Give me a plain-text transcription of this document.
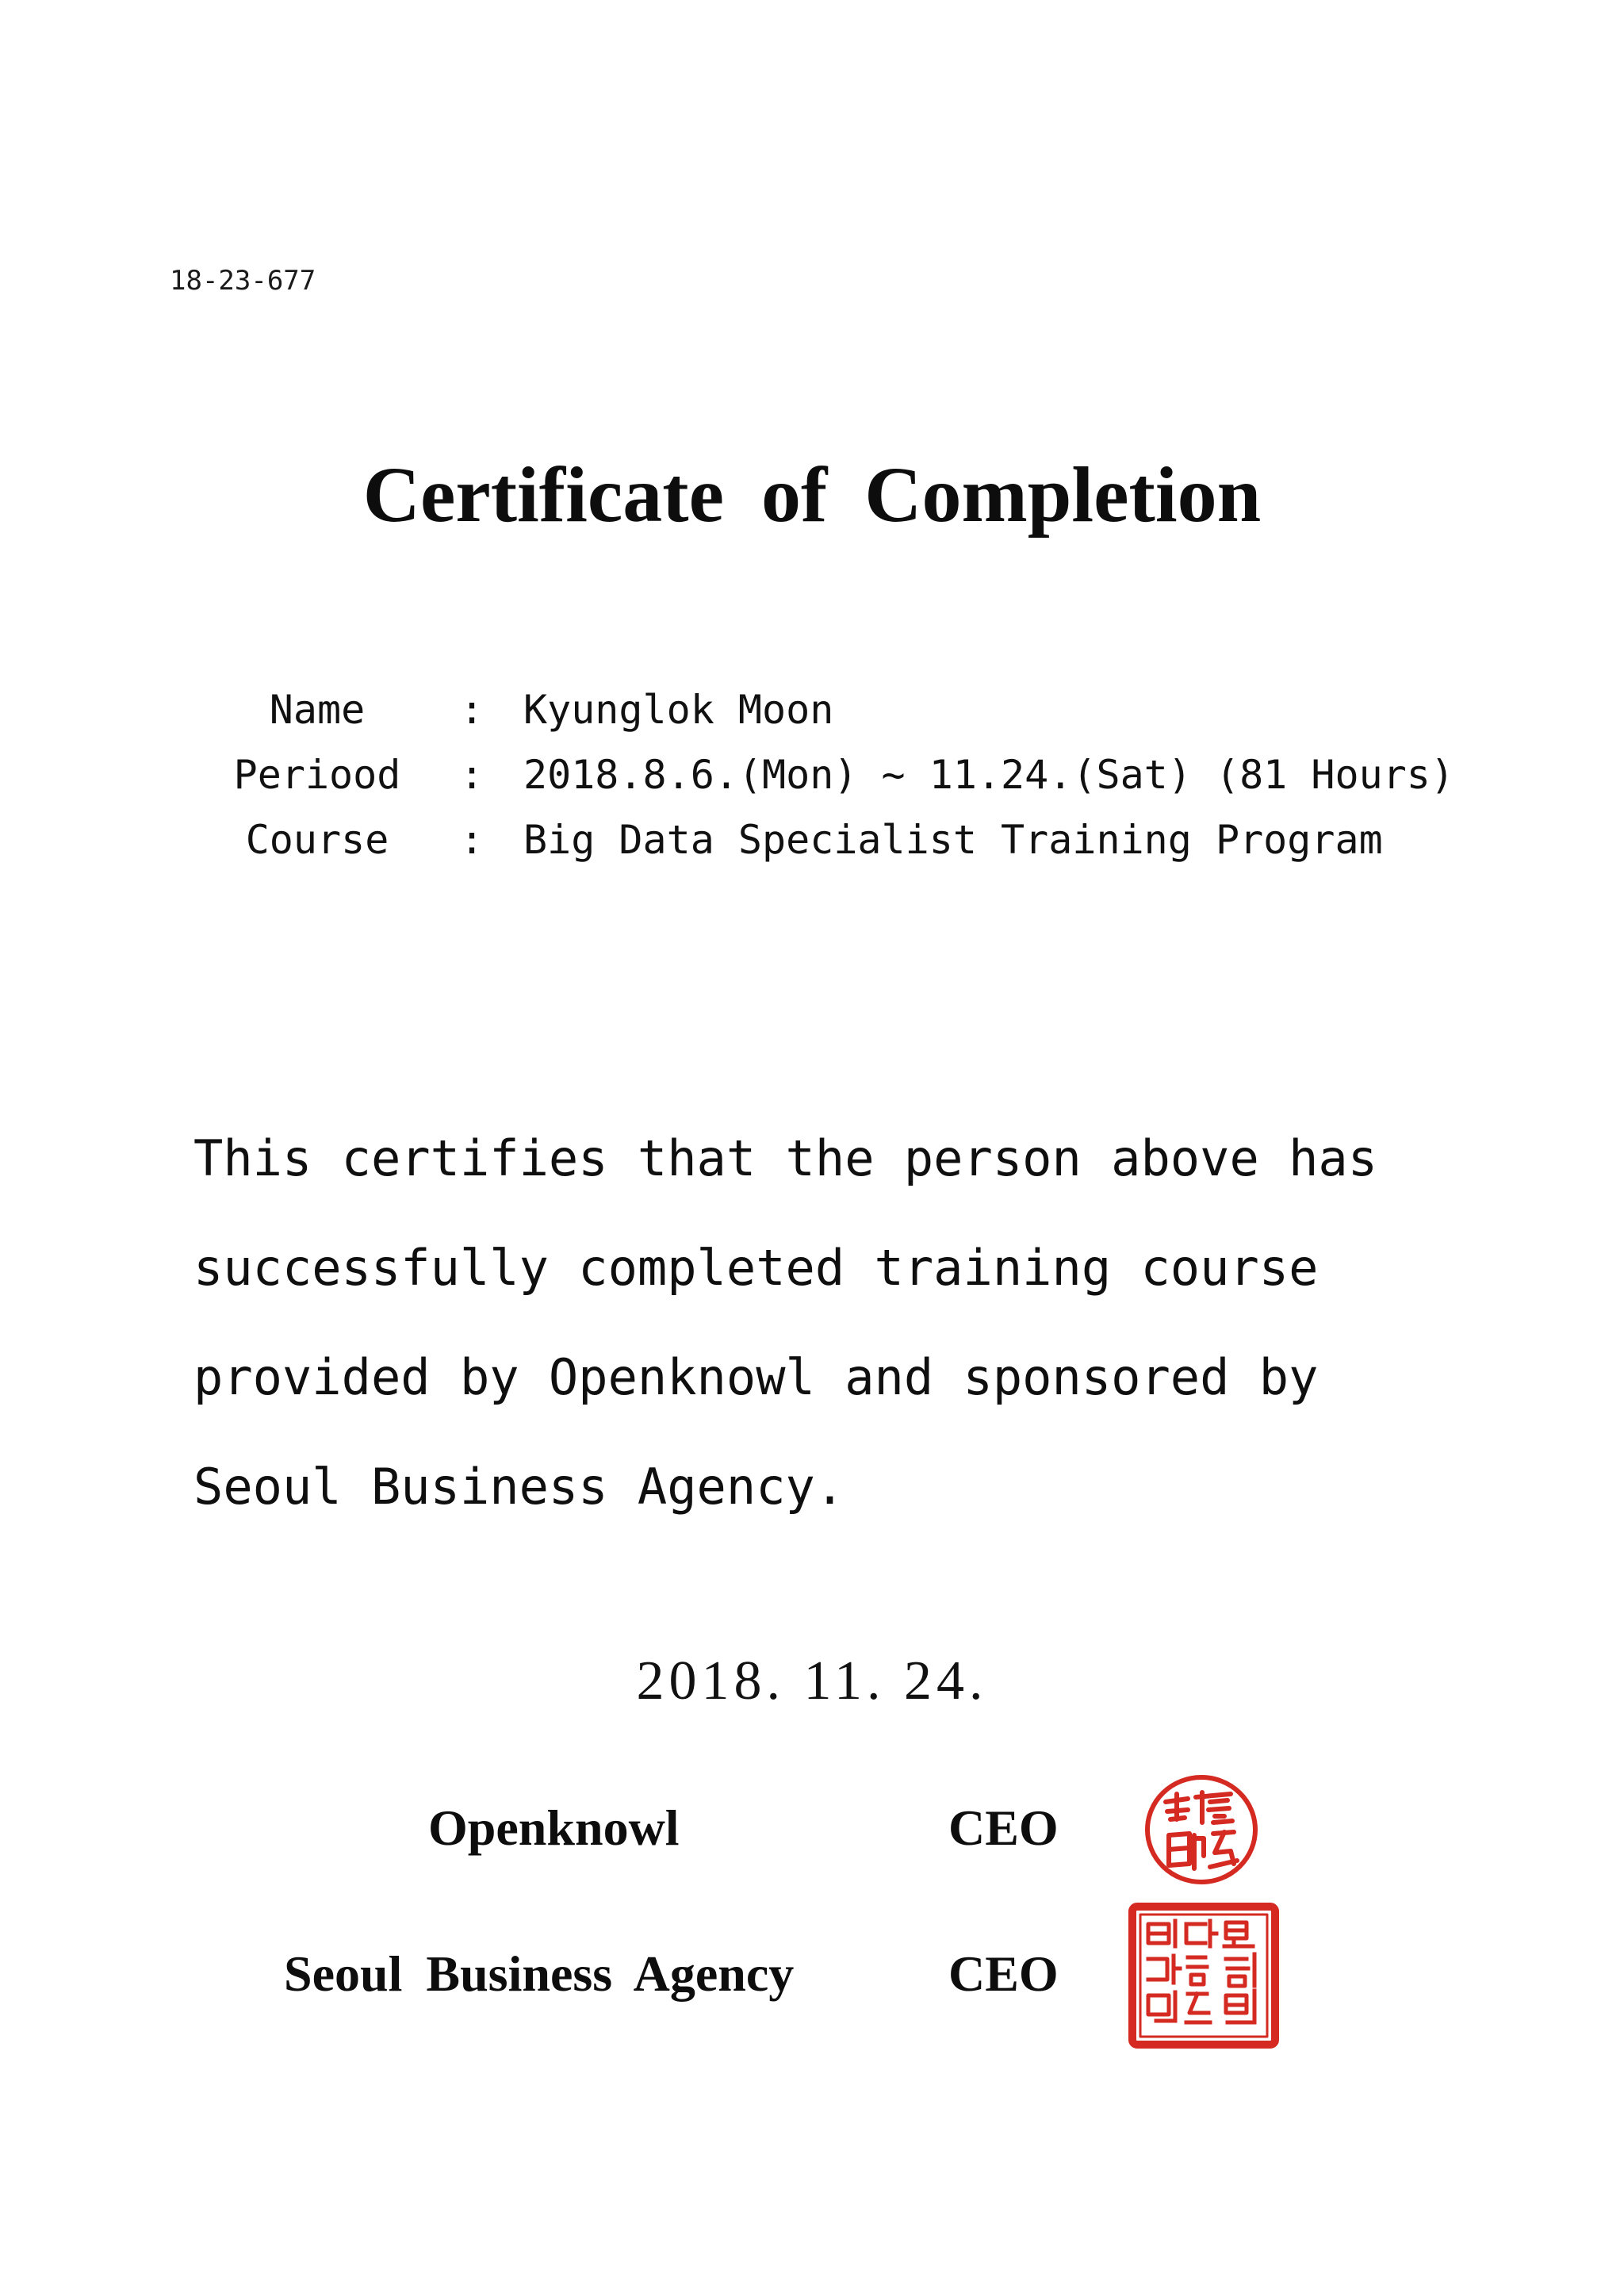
18-23-677
Certificate of Completion
Name	: Kyunglok Moon
Periood	: 2018.8.6.(Mon) ~ 11.24.(Sat) (81 Hours)
Course	: Big Data Specialist Training Program
This certifies that the person above has
successfully completed training course
provided by Openknowl and sponsored by
Seoul Business Agency.
2018. 11. 24.
Openknowl	CEO
Seoul Business Agency	CEO
